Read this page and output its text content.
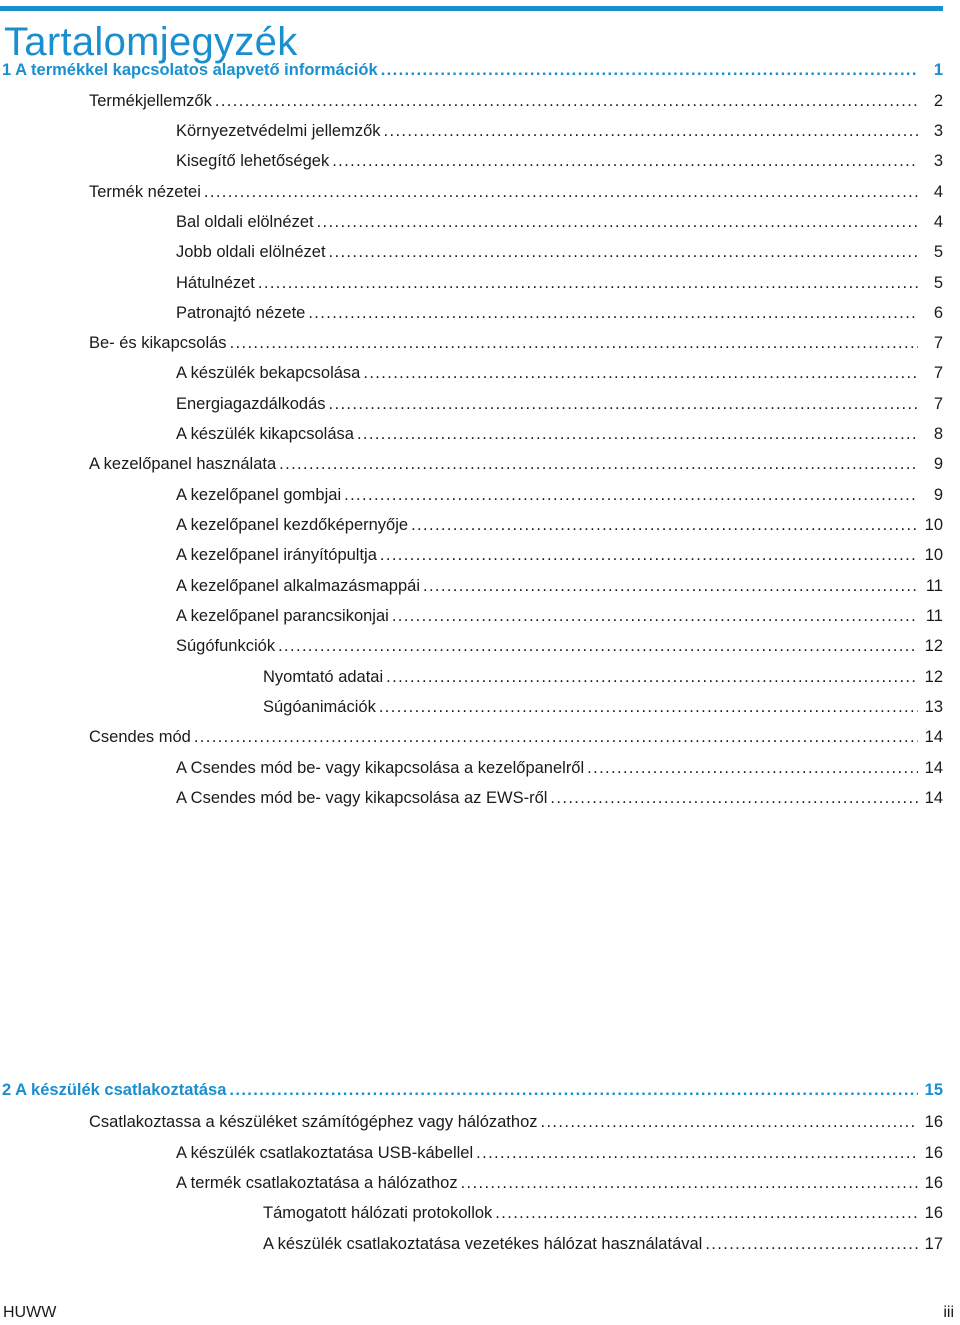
Tartalomjegyzék
1 A termékkel kapcsolatos alapvető információk . . .	1
Termékjellemzők . . .	2
Környezetvédelmi jellemzők . . .	3
Kisegítő lehetőségek . . .	3
Termék nézetei . . .	4
Bal oldali elölnézet . . .	4
Jobb oldali elölnézet . . .	5
Hátulnézet . . .	5
Patronajtó nézete . . .	6
Be- és kikapcsolás . . .	7
A készülék bekapcsolása . . .	7
Energiagazdálkodás . . .	7
A készülék kikapcsolása . . .	8
A kezelőpanel használata . . .	9
A kezelőpanel gombjai . . .	9
A kezelőpanel kezdőképernyője . . .	10
A kezelőpanel irányítópultja . . .	10
A kezelőpanel alkalmazásmappái . . .	11
A kezelőpanel parancsikonjai . . .	11
Súgófunkciók . . .	12
Nyomtató adatai . . .	12
Súgóanimációk . . .	13
Csendes mód . . .	14
A Csendes mód be- vagy kikapcsolása a kezelőpanelről . . .	14
A Csendes mód be- vagy kikapcsolása az EWS-ről . . .	14
2 A készülék csatlakoztatása . . .	15
Csatlakoztassa a készüléket számítógéphez vagy hálózathoz . . .	16
A készülék csatlakoztatása USB-kábellel . . .	16
A termék csatlakoztatása a hálózathoz . . .	16
Támogatott hálózati protokollok . . .	16
A készülék csatlakoztatása vezetékes hálózat használatával . . .	17
HUWW	iii
